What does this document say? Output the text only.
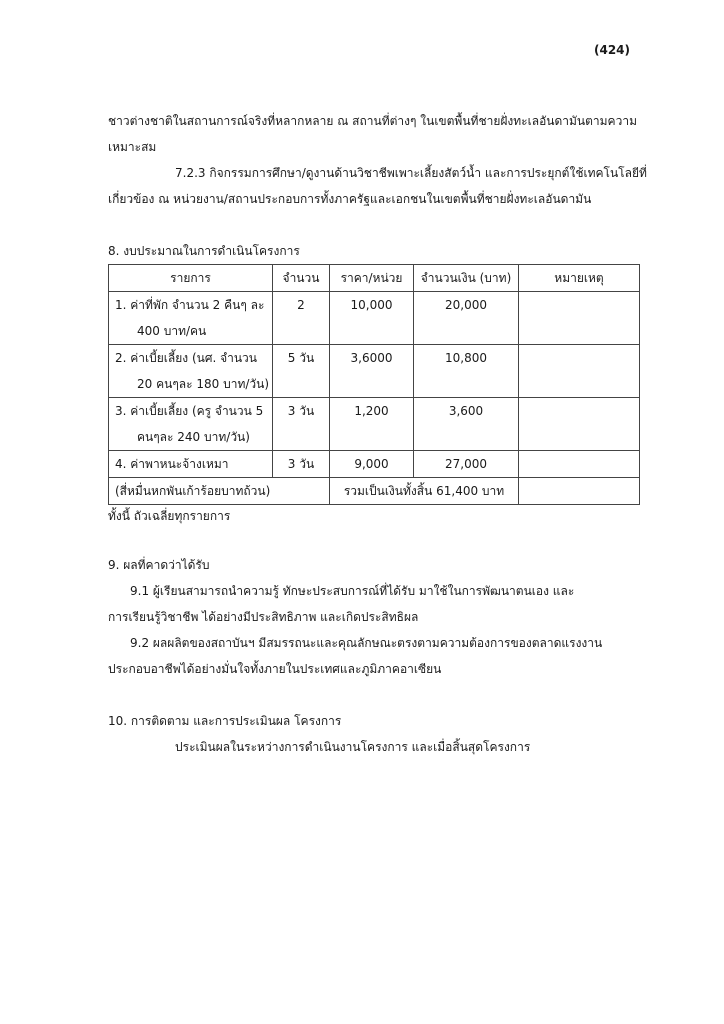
(424)
ชาวต่างชาติในสถานการณ์จริงที่หลากหลาย ณ สถานที่ต่างๆ ในเขตพื้นที่ชายฝั่งทะเลอันดามันตามความ
เหมาะสม
7.2.3 กิจกรรมการศึกษา/ดูงานด้านวิชาชีพเพาะเลี้ยงสัตว์น้ำ และการประยุกต์ใช้เทคโนโลยีที่
เกี่ยวข้อง ณ หน่วยงาน/สถานประกอบการทั้งภาครัฐและเอกชนในเขตพื้นที่ชายฝั่งทะเลอันดามัน
8. งบประมาณในการดำเนินโครงการ
รายการ	จำนวน	ราคา/หน่วย	จำนวนเงิน (บาท)	หมายเหตุ

1. ค่าที่พัก จำนวน 2 คืนๆ ละ
400 บาท/คน	2	10,000	20,000	

2. ค่าเบี้ยเลี้ยง (นศ. จำนวน
20 คนๆละ 180 บาท/วัน)	5 วัน	3,6000	10,800	

3. ค่าเบี้ยเลี้ยง (ครู จำนวน 5
คนๆละ 240 บาท/วัน)	3 วัน	1,200	3,600	

4. ค่าพาหนะจ้างเหมา	3 วัน	9,000	27,000	

(สี่หมื่นหกพันเก้าร้อยบาทถ้วน)		รวมเป็นเงินทั้งสิ้น 61,400 บาท		

ทั้งนี้ ถัวเฉลี่ยทุกรายการ
9. ผลที่คาดว่าได้รับ
9.1 ผู้เรียนสามารถนำความรู้ ทักษะประสบการณ์ที่ได้รับ มาใช้ในการพัฒนาตนเอง และ
การเรียนรู้วิชาชีพ ได้อย่างมีประสิทธิภาพ และเกิดประสิทธิผล
9.2 ผลผลิตของสถาบันฯ มีสมรรถนะและคุณลักษณะตรงตามความต้องการของตลาดแรงงาน
ประกอบอาชีพได้อย่างมั่นใจทั้งภายในประเทศและภูมิภาคอาเซียน
10. การติดตาม และการประเมินผล โครงการ
ประเมินผลในระหว่างการดำเนินงานโครงการ และเมื่อสิ้นสุดโครงการ
